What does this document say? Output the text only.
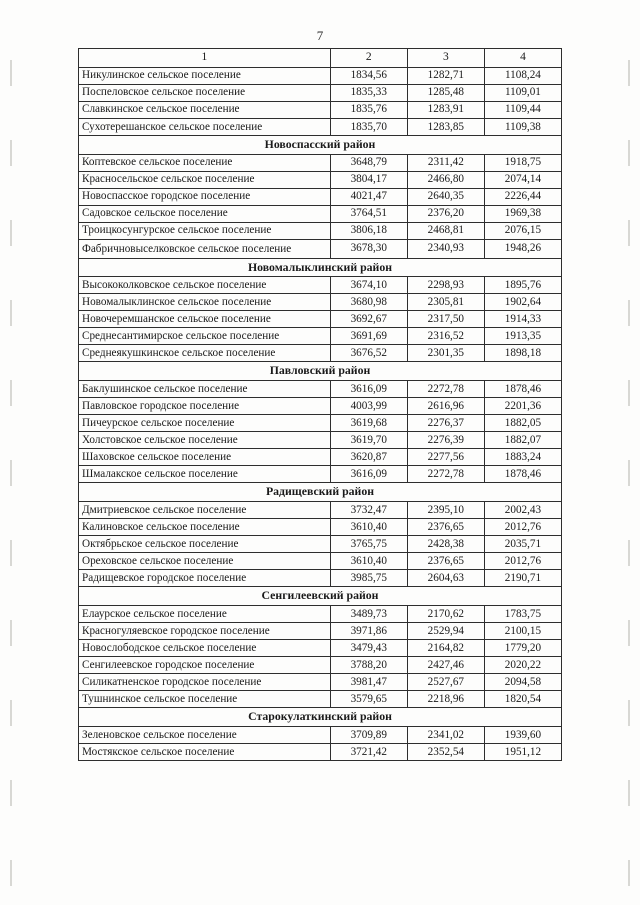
7
1	2	3	4
Никулинское сельское поселение	1834,56	1282,71	1108,24
Поспеловское сельское поселение	1835,33	1285,48	1109,01
Славкинское сельское поселение	1835,76	1283,91	1109,44
Сухотерешанское сельское поселение	1835,70	1283,85	1109,38
Новоспасский район			
Коптевское сельское поселение	3648,79	2311,42	1918,75
Красносельское сельское поселение	3804,17	2466,80	2074,14
Новоспасское городское поселение	4021,47	2640,35	2226,44
Садовское сельское поселение	3764,51	2376,20	1969,38
Троицкосунгурское сельское поселение	3806,18	2468,81	2076,15
Фабричновыселковское сельское поселение	3678,30	2340,93	1948,26
Новомалыклинский район			
Высококолковское сельское поселение	3674,10	2298,93	1895,76
Новомалыклинское сельское поселение	3680,98	2305,81	1902,64
Новочеремшанское сельское поселение	3692,67	2317,50	1914,33
Среднесантимирское сельское поселение	3691,69	2316,52	1913,35
Среднеякушкинское сельское поселение	3676,52	2301,35	1898,18
Павловский район			
Баклушинское сельское поселение	3616,09	2272,78	1878,46
Павловское городское поселение	4003,99	2616,96	2201,36
Пичеурское сельское поселение	3619,68	2276,37	1882,05
Холстовское сельское поселение	3619,70	2276,39	1882,07
Шаховское сельское поселение	3620,87	2277,56	1883,24
Шмалакское сельское поселение	3616,09	2272,78	1878,46
Радищевский район			
Дмитриевское сельское поселение	3732,47	2395,10	2002,43
Калиновское сельское поселение	3610,40	2376,65	2012,76
Октябрьское сельское поселение	3765,75	2428,38	2035,71
Ореховское сельское поселение	3610,40	2376,65	2012,76
Радищевское городское поселение	3985,75	2604,63	2190,71
Сенгилеевский район			
Елаурское сельское поселение	3489,73	2170,62	1783,75
Красногуляевское городское поселение	3971,86	2529,94	2100,15
Новослободское сельское поселение	3479,43	2164,82	1779,20
Сенгилеевское городское поселение	3788,20	2427,46	2020,22
Силикатненское городское поселение	3981,47	2527,67	2094,58
Тушнинское сельское поселение	3579,65	2218,96	1820,54
Старокулаткинский район			
Зеленовское сельское поселение	3709,89	2341,02	1939,60
Мостякское сельское поселение	3721,42	2352,54	1951,12
